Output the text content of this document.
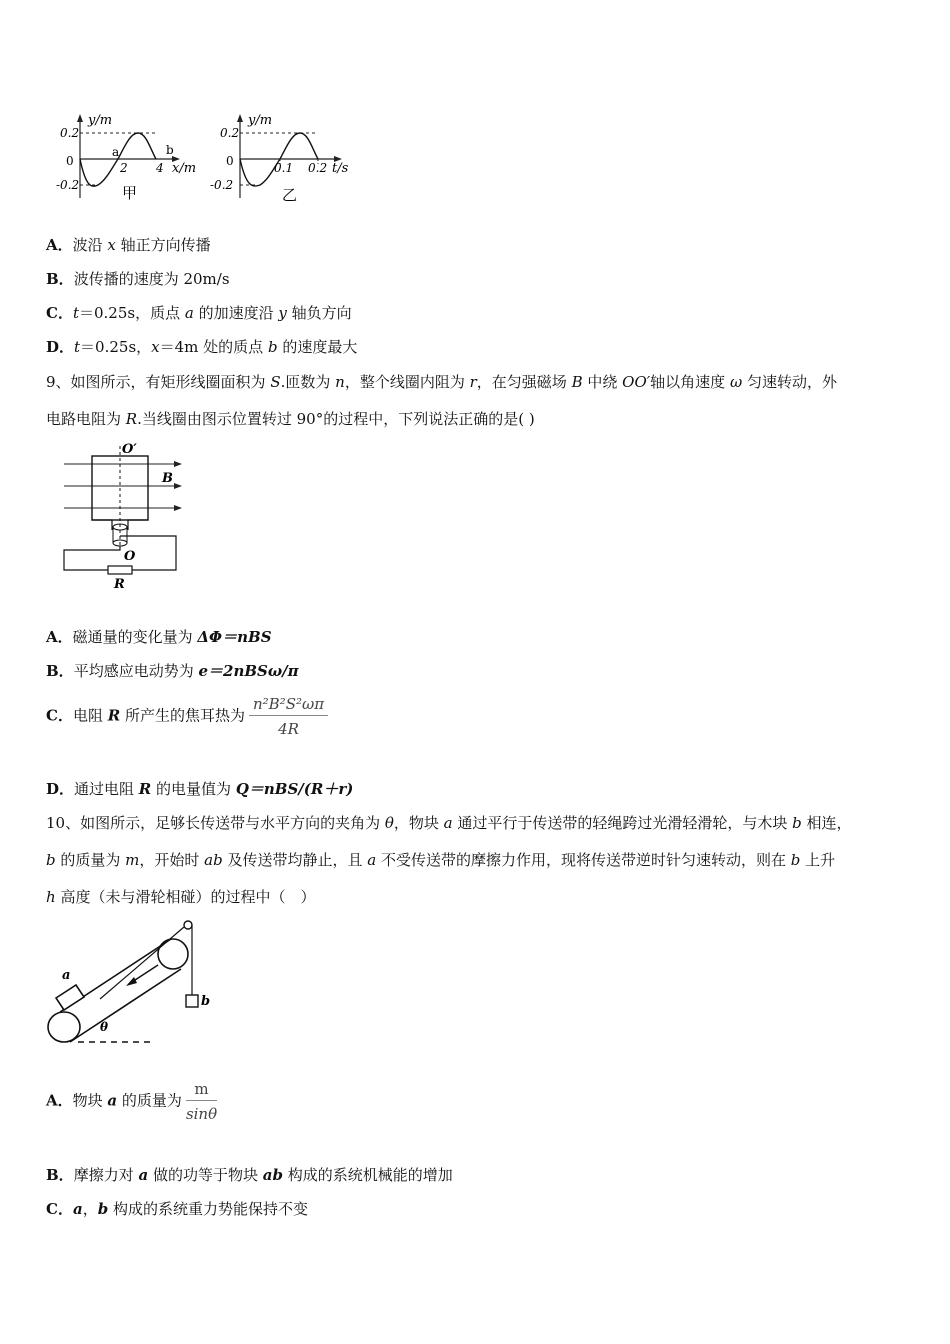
y/m
0.2
0
-0.2
a
2
b
4 x/m
甲
y/m
0.2
0
-0.2
0.1 0.2 t/s
乙
A．波沿 x 轴正方向传播
B．波传播的速度为 20m/s
C．t＝0.25s，质点 a 的加速度沿 y 轴负方向
D．t＝0.25s，x＝4m 处的质点 b 的速度最大
9、如图所示，有矩形线圈面积为 S.匝数为 n，整个线圈内阻为 r，在匀强磁场 B 中绕 OO′轴以角速度 ω 匀速转动，外
电路电阻为 R.当线圈由图示位置转过 90°的过程中，下列说法正确的是( )
O′
B
O
R
A．磁通量的变化量为 ΔΦ＝nBS
B．平均感应电动势为 e＝2nBSω/π
C．电阻 R 所产生的焦耳热为 $\frac{\text{n²B²S²ωπ}}{4R}$
D．通过电阻 R 的电量值为 Q＝nBS/(R＋r)
10、如图所示，足够长传送带与水平方向的夹角为 θ，物块 a 通过平行于传送带的轻绳跨过光滑轻滑轮，与木块 b 相连，
b 的质量为 m，开始时 ab 及传送带均静止，且 a 不受传送带的摩擦力作用，现将传送带逆时针匀速转动，则在 b 上升
h 高度（未与滑轮相碰）的过程中（　）
a
b
θ
A．物块 a 的质量为 $\frac{m}{\sin\theta}$
B．摩擦力对 a 做的功等于物块 ab 构成的系统机械能的增加
C．a，b 构成的系统重力势能保持不变
